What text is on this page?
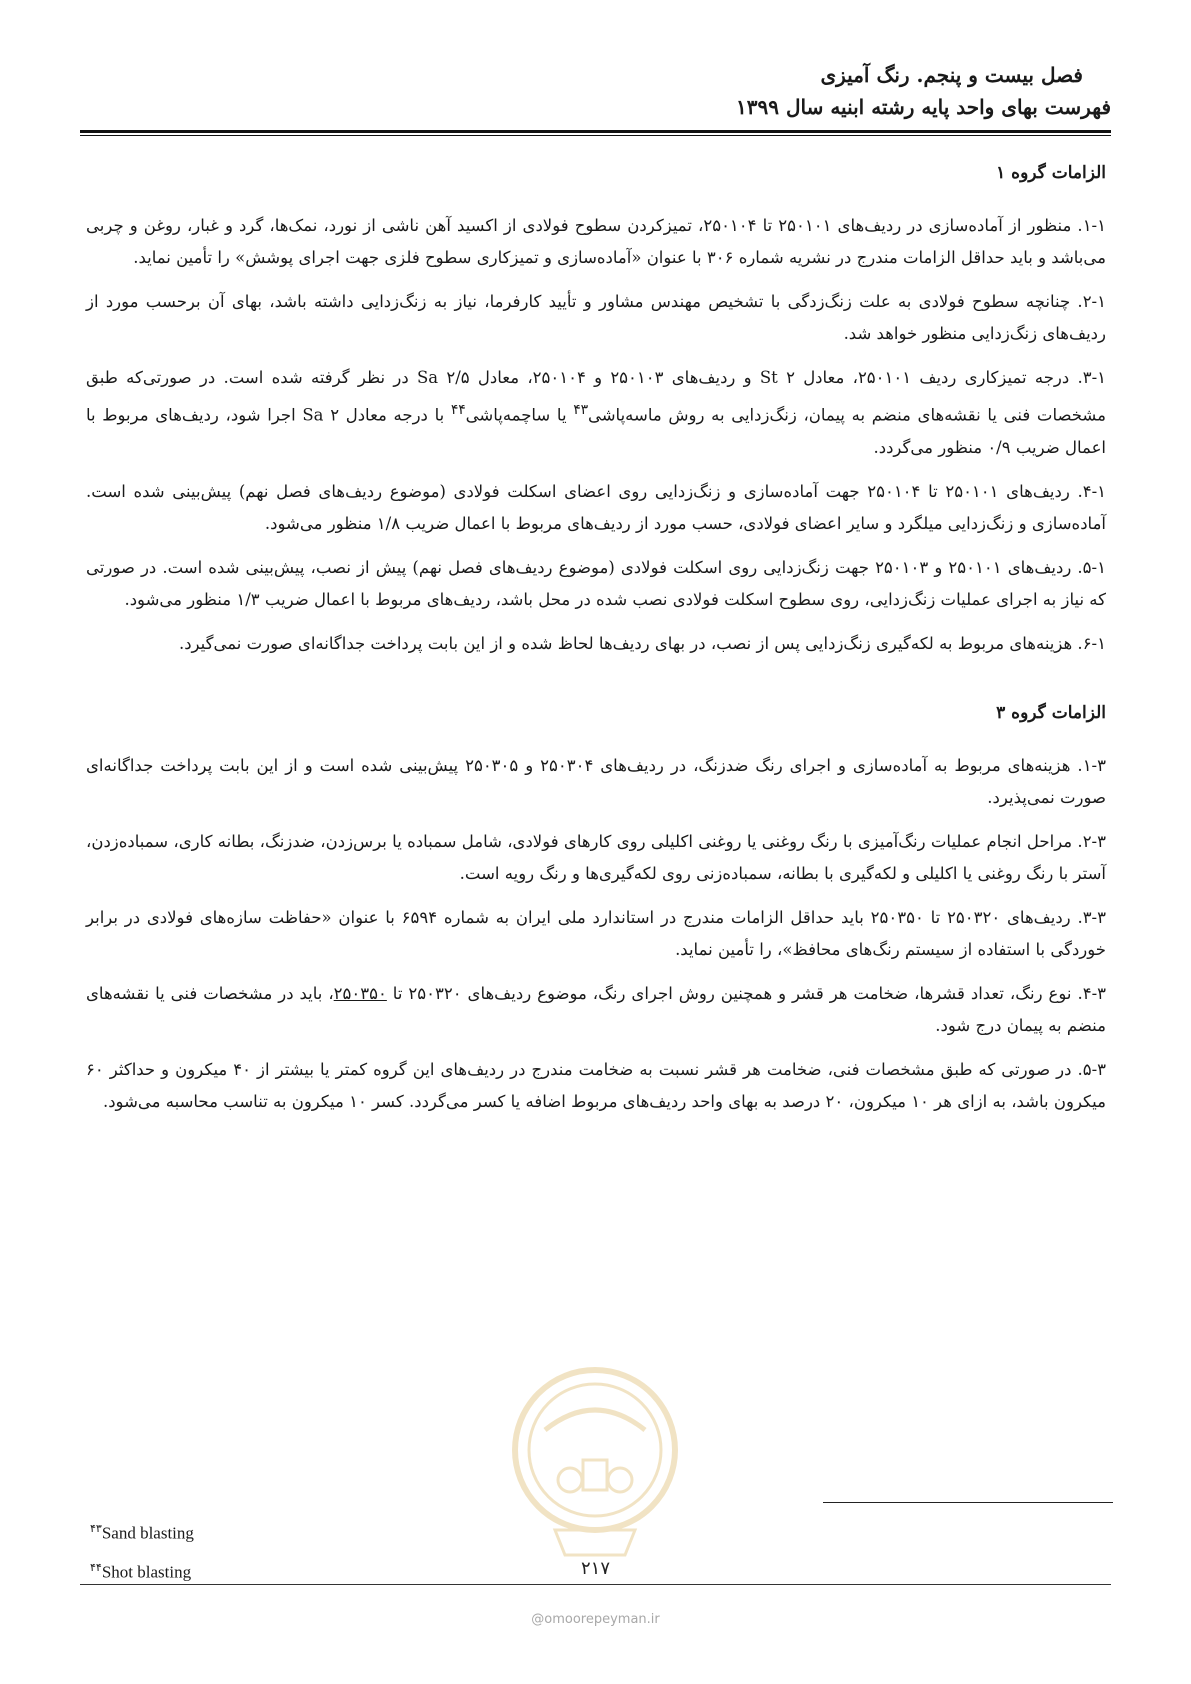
فصل بیست و پنجم. رنگ آمیزی
فهرست بهای واحد پایه رشته ابنیه سال ۱۳۹۹
الزامات گروه ۱

۱-۱. منظور از آماده‌سازی در ردیف‌های ۲۵۰۱۰۱ تا ۲۵۰۱۰۴، تمیزکردن سطوح فولادی از اکسید آهن ناشی از نورد، نمک‌ها، گرد و غبار، روغن و چربی می‌باشد و باید حداقل الزامات مندرج در نشریه شماره ۳۰۶ با عنوان «آماده‌سازی و تمیزکاری سطوح فلزی جهت اجرای پوشش» را تأمین نماید.

۲-۱. چنانچه سطوح فولادی به علت زنگ‌زدگی با تشخیص مهندس مشاور و تأیید کارفرما، نیاز به زنگ‌زدایی داشته باشد، بهای آن برحسب مورد از ردیف‌های زنگ‌زدایی منظور خواهد شد.

۳-۱. درجه تمیزکاری ردیف ۲۵۰۱۰۱، معادل ۲ St و ردیف‌های ۲۵۰۱۰۳ و ۲۵۰۱۰۴، معادل ۲/۵ Sa در نظر گرفته شده است. در صورتی‌که طبق مشخصات فنی یا نقشه‌های منضم به پیمان، زنگ‌زدایی به روش ماسه‌پاشی$^{۴۳}$ یا ساچمه‌پاشی$^{۴۴}$ با درجه معادل ۲ Sa اجرا شود، ردیف‌های مربوط با اعمال ضریب ۰/۹ منظور می‌گردد.

۴-۱. ردیف‌های ۲۵۰۱۰۱ تا ۲۵۰۱۰۴ جهت آماده‌سازی و زنگ‌زدایی روی اعضای اسکلت فولادی (موضوع ردیف‌های فصل نهم) پیش‌بینی شده است. آماده‌سازی و زنگ‌زدایی میلگرد و سایر اعضای فولادی، حسب مورد از ردیف‌های مربوط با اعمال ضریب ۱/۸ منظور می‌شود.

۵-۱. ردیف‌های ۲۵۰۱۰۱ و ۲۵۰۱۰۳ جهت زنگ‌زدایی روی اسکلت فولادی (موضوع ردیف‌های فصل نهم) پیش از نصب، پیش‌بینی شده است. در صورتی که نیاز به اجرای عملیات زنگ‌زدایی، روی سطوح اسکلت فولادی نصب شده در محل باشد، ردیف‌های مربوط با اعمال ضریب ۱/۳ منظور می‌شود.

۶-۱. هزینه‌های مربوط به لکه‌گیری زنگ‌زدایی پس از نصب، در بهای ردیف‌ها لحاظ شده و از این بابت پرداخت جداگانه‌ای صورت نمی‌گیرد.

الزامات گروه ۳

۱-۳. هزینه‌های مربوط به آماده‌سازی و اجرای رنگ ضدزنگ، در ردیف‌های ۲۵۰۳۰۴ و ۲۵۰۳۰۵ پیش‌بینی شده است و از این بابت پرداخت جداگانه‌ای صورت نمی‌پذیرد.

۲-۳. مراحل انجام عملیات رنگ‌آمیزی با رنگ روغنی یا روغنی اکلیلی روی کارهای فولادی، شامل سمباده یا برس‌زدن، ضدزنگ، بطانه کاری، سمباده‌زدن، آستر با رنگ روغنی یا اکلیلی و لکه‌گیری با بطانه، سمباده‌زنی روی لکه‌گیری‌ها و رنگ رویه است.

۳-۳. ردیف‌های ۲۵۰۳۲۰ تا ۲۵۰۳۵۰ باید حداقل الزامات مندرج در استاندارد ملی ایران به شماره ۶۵۹۴ با عنوان «حفاظت سازه‌های فولادی در برابر خوردگی با استفاده از سیستم رنگ‌های محافظ»، را تأمین نماید.

۴-۳. نوع رنگ، تعداد قشرها، ضخامت هر قشر و همچنین روش اجرای رنگ، موضوع ردیف‌های ۲۵۰۳۲۰ تا ۲۵۰۳۵۰، باید در مشخصات فنی یا نقشه‌های منضم به پیمان درج شود.

۵-۳. در صورتی که طبق مشخصات فنی، ضخامت هر قشر نسبت به ضخامت مندرج در ردیف‌های این گروه کمتر یا بیشتر از ۴۰ میکرون و حداکثر ۶۰ میکرون باشد، به ازای هر ۱۰ میکرون، ۲۰ درصد به بهای واحد ردیف‌های مربوط اضافه یا کسر می‌گردد. کسر ۱۰ میکرون به تناسب محاسبه می‌شود.

$^{۴۳}$Sand blasting
$^{۴۴}$Shot blasting	۲۱۷
@omoorepeyman.ir
